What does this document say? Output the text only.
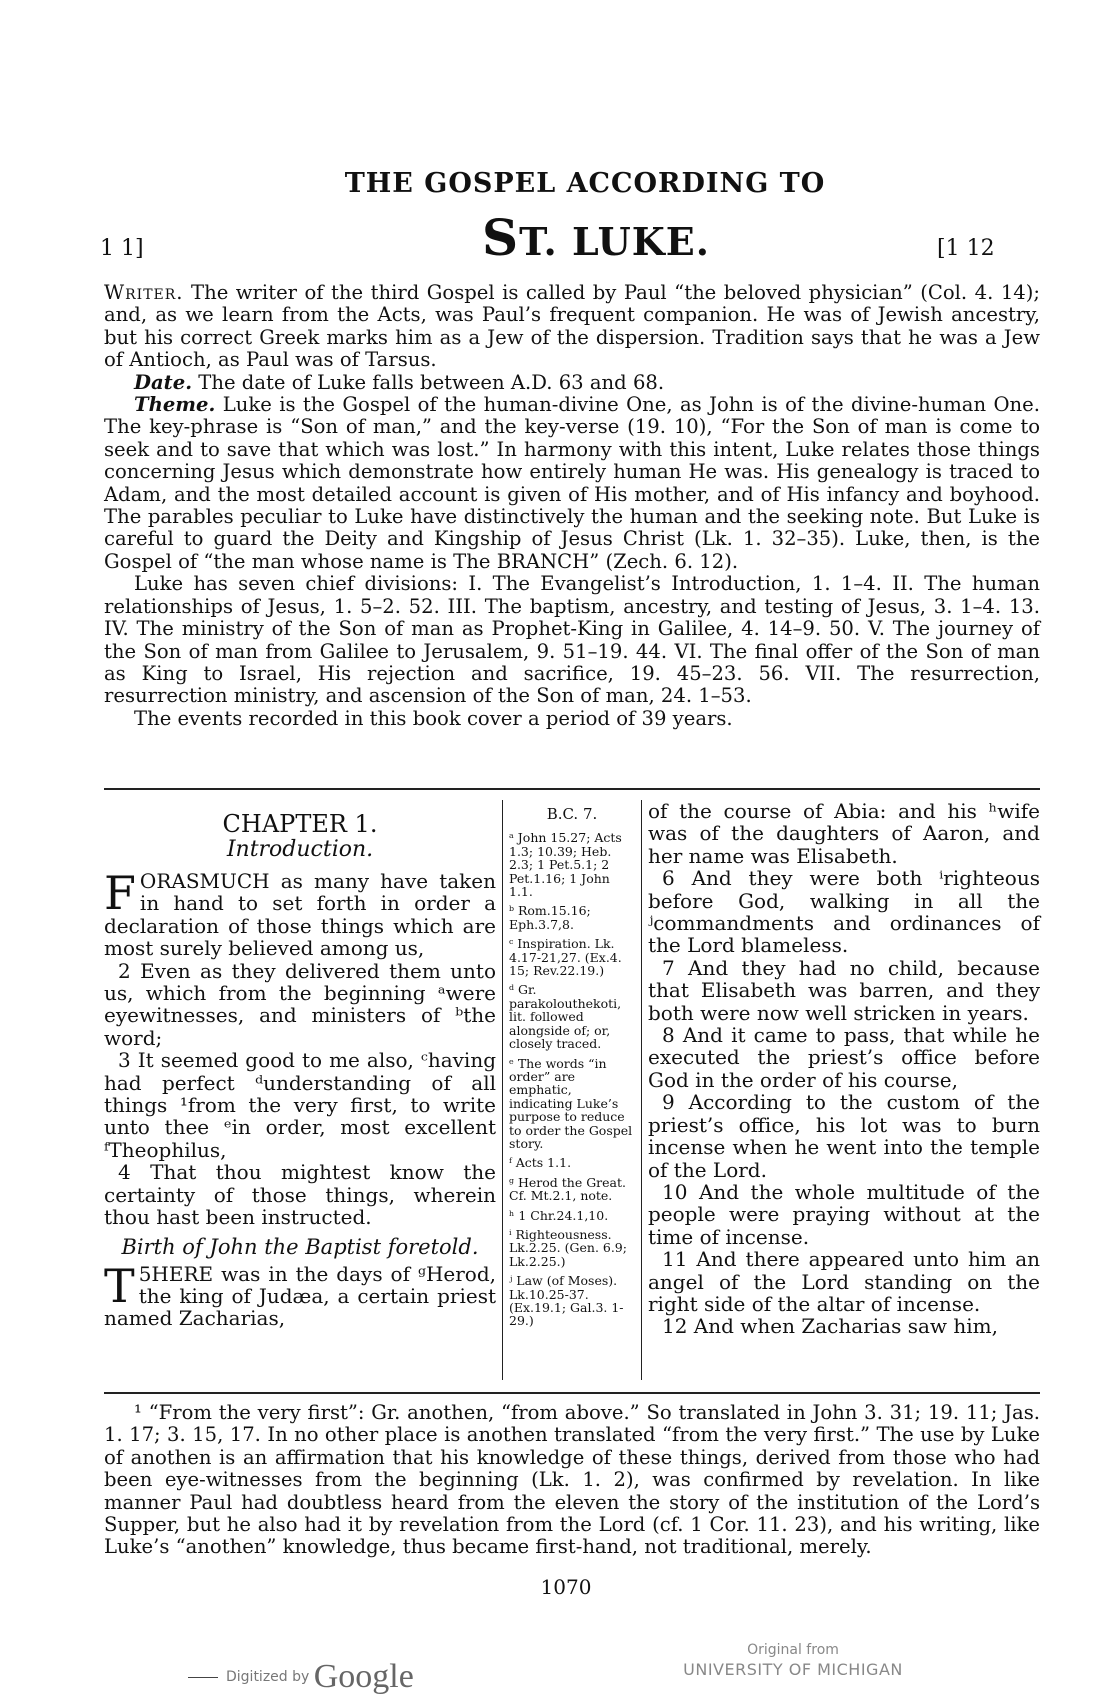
THE GOSPEL ACCORDING TO
1 1]	ST. LUKE.	[1 12

Writer. The writer of the third Gospel is called by Paul “the beloved physician” (Col. 4. 14); and, as we learn from the Acts, was Paul’s frequent companion. He was of Jewish ancestry, but his correct Greek marks him as a Jew of the dispersion. Tradition says that he was a Jew of Antioch, as Paul was of Tarsus.

Date. The date of Luke falls between A.D. 63 and 68.

Theme. Luke is the Gospel of the human-divine One, as John is of the divine-human One. The key-phrase is “Son of man,” and the key-verse (19. 10), “For the Son of man is come to seek and to save that which was lost.” In harmony with this intent, Luke relates those things concerning Jesus which demonstrate how entirely human He was. His genealogy is traced to Adam, and the most detailed account is given of His mother, and of His infancy and boyhood. The parables peculiar to Luke have distinctively the human and the seeking note. But Luke is careful to guard the Deity and Kingship of Jesus Christ (Lk. 1. 32–35). Luke, then, is the Gospel of “the man whose name is The BRANCH” (Zech. 6. 12).

Luke has seven chief divisions: I. The Evangelist’s Introduction, 1. 1–4. II. The human relationships of Jesus, 1. 5–2. 52. III. The baptism, ancestry, and testing of Jesus, 3. 1–4. 13. IV. The ministry of the Son of man as Prophet-King in Galilee, 4. 14–9. 50. V. The journey of the Son of man from Galilee to Jerusalem, 9. 51–19. 44. VI. The final offer of the Son of man as King to Israel, His rejection and sacrifice, 19. 45–23. 56. VII. The resurrection, resurrection ministry, and ascension of the Son of man, 24. 1–53.

The events recorded in this book cover a period of 39 years.

CHAPTER 1.
Introduction.

FORASMUCH as many have taken in hand to set forth in order a declaration of those things which are most surely believed among us,

2 Even as they delivered them unto us, which from the beginning ᵃwere eyewitnesses, and ministers of ᵇthe word;

3 It seemed good to me also, ᶜhaving had perfect ᵈunderstanding of all things ¹from the very first, to write unto thee ᵉin order, most excellent ᶠTheophilus,

4 That thou mightest know the certainty of those things, wherein thou hast been instructed.

Birth of John the Baptist foretold.

5
T HERE was in the days of ᵍHerod, the king of Judæa, a certain priest named Zacharias,

B.C. 7.
ᵃ John 15.27; Acts 1.3; 10.39; Heb. 2.3; 1 Pet.5.1; 2 Pet.1.16; 1 John 1.1.
ᵇ Rom.15.16; Eph.3.7,8.
ᶜ Inspiration. Lk. 4.17-21,27. (Ex.4. 15; Rev.22.19.)
ᵈ Gr. parakolouthekoti, lit. followed alongside of; or, closely traced.
ᵉ The words “in order” are emphatic, indicating Luke’s purpose to reduce to order the Gospel story.
ᶠ Acts 1.1.
ᵍ Herod the Great. Cf. Mt.2.1, note.
ʰ 1 Chr.24.1,10.
ⁱ Righteousness. Lk.2.25. (Gen. 6.9; Lk.2.25.)
ʲ Law (of Moses). Lk.10.25-37. (Ex.19.1; Gal.3. 1-29.)

of the course of Abia: and his ʰwife was of the daughters of Aaron, and her name was Elisabeth.

6 And they were both ⁱrighteous before God, walking in all the ʲcommandments and ordinances of the Lord blameless.

7 And they had no child, because that Elisabeth was barren, and they both were now well stricken in years.

8 And it came to pass, that while he executed the priest’s office before God in the order of his course,

9 According to the custom of the priest’s office, his lot was to burn incense when he went into the temple of the Lord.

10 And the whole multitude of the people were praying without at the time of incense.

11 And there appeared unto him an angel of the Lord standing on the right side of the altar of incense.

12 And when Zacharias saw him,

¹ “From the very first”: Gr. anothen, “from above.” So translated in John 3. 31; 19. 11; Jas. 1. 17; 3. 15, 17. In no other place is anothen translated “from the very first.” The use by Luke of anothen is an affirmation that his knowledge of these things, derived from those who had been eye-witnesses from the beginning (Lk. 1. 2), was confirmed by revelation. In like manner Paul had doubtless heard from the eleven the story of the institution of the Lord’s Supper, but he also had it by revelation from the Lord (cf. 1 Cor. 11. 23), and his writing, like Luke’s “anothen” knowledge, thus became first-hand, not traditional, merely.

1070
Digitized by Google
Original from
UNIVERSITY OF MICHIGAN
